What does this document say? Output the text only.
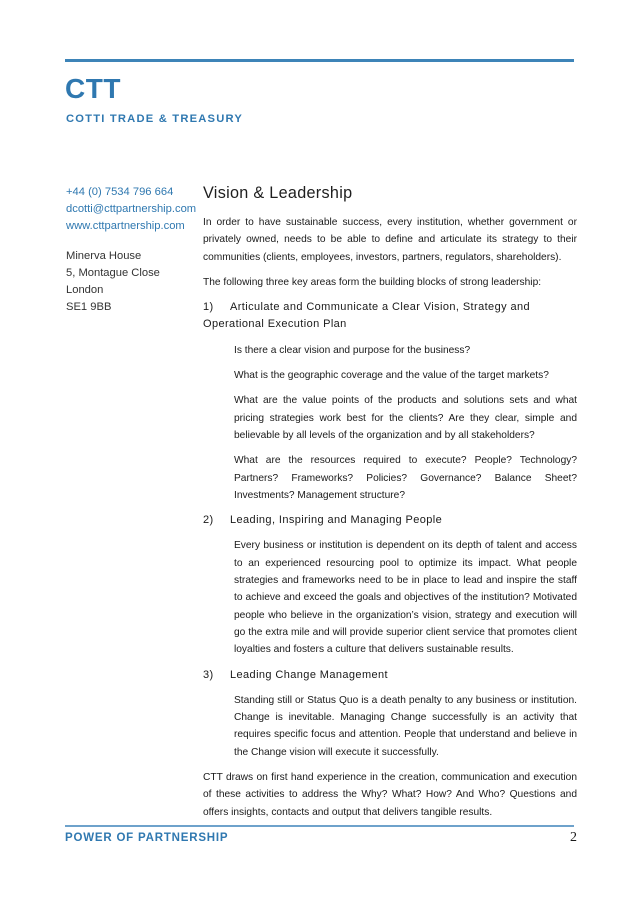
CTT
COTTI TRADE & TREASURY
+44 (0) 7534 796 664
dcotti@cttpartnership.com
www.cttpartnership.com
Minerva House
5, Montague Close
London
SE1 9BB
Vision & Leadership

In order to have sustainable success, every institution, whether government or privately owned, needs to be able to define and articulate its strategy to their communities (clients, employees, investors, partners, regulators, shareholders).

The following three key areas form the building blocks of strong leadership:

1) Articulate and Communicate a Clear Vision, Strategy and Operational Execution Plan

Is there a clear vision and purpose for the business?

What is the geographic coverage and the value of the target markets?

What are the value points of the products and solutions sets and what pricing strategies work best for the clients? Are they clear, simple and believable by all levels of the organization and by all stakeholders?

What are the resources required to execute? People? Technology? Partners? Frameworks? Policies? Governance? Balance Sheet? Investments? Management structure?

2) Leading, Inspiring and Managing People

Every business or institution is dependent on its depth of talent and access to an experienced resourcing pool to optimize its impact. What people strategies and frameworks need to be in place to lead and inspire the staff to achieve and exceed the goals and objectives of the institution? Motivated people who believe in the organization’s vision, strategy and execution will go the extra mile and will provide superior client service that promotes client loyalties and fosters a culture that delivers sustainable results.

3) Leading Change Management

Standing still or Status Quo is a death penalty to any business or institution. Change is inevitable. Managing Change successfully is an activity that requires specific focus and attention. People that understand and believe in the Change vision will execute it successfully.

CTT draws on first hand experience in the creation, communication and execution of these activities to address the Why? What? How? And Who? Questions and offers insights, contacts and output that delivers tangible results.

POWER OF PARTNERSHIP	2
